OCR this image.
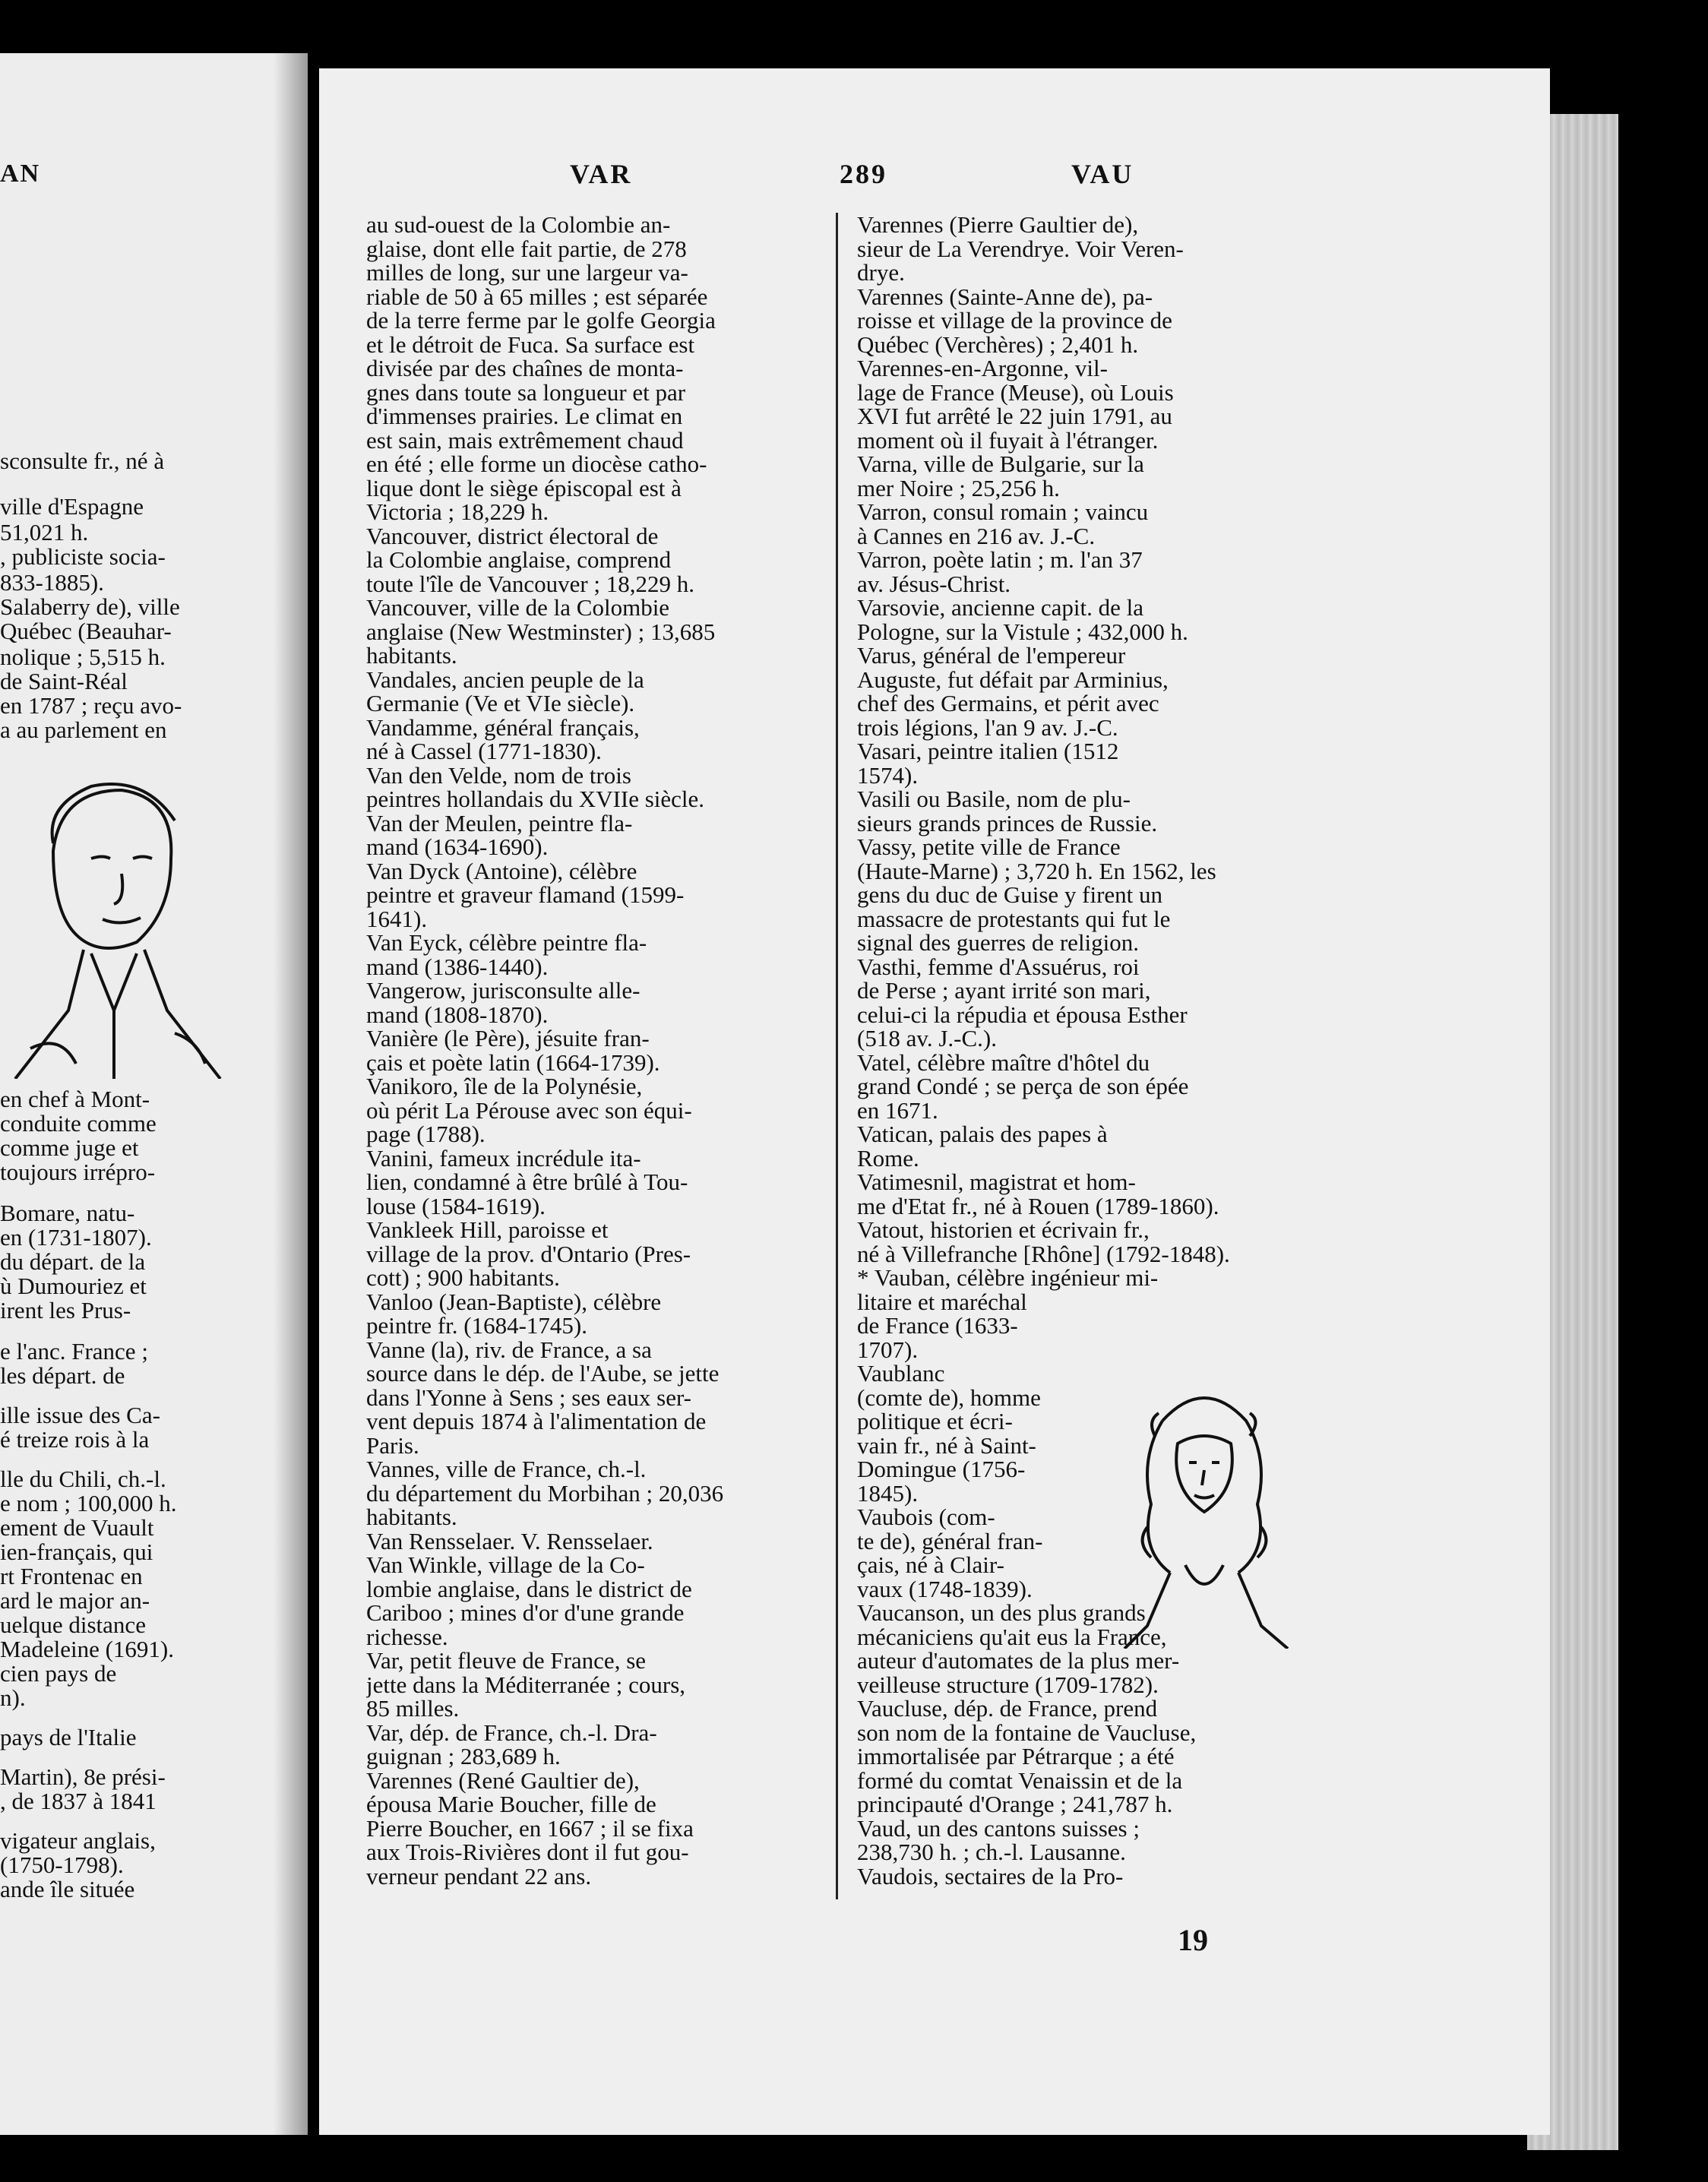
AN
sconsulte fr., né à
ville d'Espagne
51,021 h.
, publiciste socia-
833-1885).
Salaberry de), ville
Québec (Beauhar-
nolique ; 5,515 h.
de Saint-Réal
en 1787 ; reçu avo-
a au parlement en
en chef à Mont-
conduite comme
comme juge et
toujours irrépro-
Bomare, natu-
en (1731-1807).
du départ. de la
ù Dumouriez et
irent les Prus-
e l'anc. France ;
les départ. de
ille issue des Ca-
é treize rois à la
lle du Chili, ch.-l.
e nom ; 100,000 h.
ement de Vuault
ien-français, qui
rt Frontenac en
ard le major an-
uelque distance
Madeleine (1691).
cien pays de
n).
pays de l'Italie
Martin), 8e prési-
, de 1837 à 1841
vigateur anglais,
(1750-1798).
ande île située
VAR	289	VAU
au sud-ouest de la Colombie an-
glaise, dont elle fait partie, de 278
milles de long, sur une largeur va-
riable de 50 à 65 milles ; est séparée
de la terre ferme par le golfe Georgia
et le détroit de Fuca. Sa surface est
divisée par des chaînes de monta-
gnes dans toute sa longueur et par
d'immenses prairies. Le climat en
est sain, mais extrêmement chaud
en été ; elle forme un diocèse catho-
lique dont le siège épiscopal est à
Victoria ; 18,229 h.
Vancouver, district électoral de
la Colombie anglaise, comprend
toute l'île de Vancouver ; 18,229 h.
Vancouver, ville de la Colombie
anglaise (New Westminster) ; 13,685
habitants.
Vandales, ancien peuple de la
Germanie (Ve et VIe siècle).
Vandamme, général français,
né à Cassel (1771-1830).
Van den Velde, nom de trois
peintres hollandais du XVIIe siècle.
Van der Meulen, peintre fla-
mand (1634-1690).
Van Dyck (Antoine), célèbre
peintre et graveur flamand (1599-
1641).
Van Eyck, célèbre peintre fla-
mand (1386-1440).
Vangerow, jurisconsulte alle-
mand (1808-1870).
Vanière (le Père), jésuite fran-
çais et poète latin (1664-1739).
Vanikoro, île de la Polynésie,
où périt La Pérouse avec son équi-
page (1788).
Vanini, fameux incrédule ita-
lien, condamné à être brûlé à Tou-
louse (1584-1619).
Vankleek Hill, paroisse et
village de la prov. d'Ontario (Pres-
cott) ; 900 habitants.
Vanloo (Jean-Baptiste), célèbre
peintre fr. (1684-1745).
Vanne (la), riv. de France, a sa
source dans le dép. de l'Aube, se jette
dans l'Yonne à Sens ; ses eaux ser-
vent depuis 1874 à l'alimentation de
Paris.
Vannes, ville de France, ch.-l.
du département du Morbihan ; 20,036
habitants.
Van Rensselaer. V. Rensselaer.
Van Winkle, village de la Co-
lombie anglaise, dans le district de
Cariboo ; mines d'or d'une grande
richesse.
Var, petit fleuve de France, se
jette dans la Méditerranée ; cours,
85 milles.
Var, dép. de France, ch.-l. Dra-
guignan ; 283,689 h.
Varennes (René Gaultier de),
épousa Marie Boucher, fille de
Pierre Boucher, en 1667 ; il se fixa
aux Trois-Rivières dont il fut gou-
verneur pendant 22 ans.
Varennes (Pierre Gaultier de),
sieur de La Verendrye. Voir Veren-
drye.
Varennes (Sainte-Anne de), pa-
roisse et village de la province de
Québec (Verchères) ; 2,401 h.
Varennes-en-Argonne, vil-
lage de France (Meuse), où Louis
XVI fut arrêté le 22 juin 1791, au
moment où il fuyait à l'étranger.
Varna, ville de Bulgarie, sur la
mer Noire ; 25,256 h.
Varron, consul romain ; vaincu
à Cannes en 216 av. J.-C.
Varron, poète latin ; m. l'an 37
av. Jésus-Christ.
Varsovie, ancienne capit. de la
Pologne, sur la Vistule ; 432,000 h.
Varus, général de l'empereur
Auguste, fut défait par Arminius,
chef des Germains, et périt avec
trois légions, l'an 9 av. J.-C.
Vasari, peintre italien (1512
1574).
Vasili ou Basile, nom de plu-
sieurs grands princes de Russie.
Vassy, petite ville de France
(Haute-Marne) ; 3,720 h. En 1562, les
gens du duc de Guise y firent un
massacre de protestants qui fut le
signal des guerres de religion.
Vasthi, femme d'Assuérus, roi
de Perse ; ayant irrité son mari,
celui-ci la répudia et épousa Esther
(518 av. J.-C.).
Vatel, célèbre maître d'hôtel du
grand Condé ; se perça de son épée
en 1671.
Vatican, palais des papes à
Rome.
Vatimesnil, magistrat et hom-
me d'Etat fr., né à Rouen (1789-1860).
Vatout, historien et écrivain fr.,
né à Villefranche [Rhône] (1792-1848).
* Vauban, célèbre ingénieur mi-
litaire et maréchal
de France (1633-
1707).
Vaublanc
(comte de), homme
politique et écri-
vain fr., né à Saint-
Domingue (1756-
1845).
Vaubois (com-
te de), général fran-
çais, né à Clair-
vaux (1748-1839).
Vaucanson, un des plus grands
mécaniciens qu'ait eus la France,
auteur d'automates de la plus mer-
veilleuse structure (1709-1782).
Vaucluse, dép. de France, prend
son nom de la fontaine de Vaucluse,
immortalisée par Pétrarque ; a été
formé du comtat Venaissin et de la
principauté d'Orange ; 241,787 h.
Vaud, un des cantons suisses ;
238,730 h. ; ch.-l. Lausanne.
Vaudois, sectaires de la Pro-
19
